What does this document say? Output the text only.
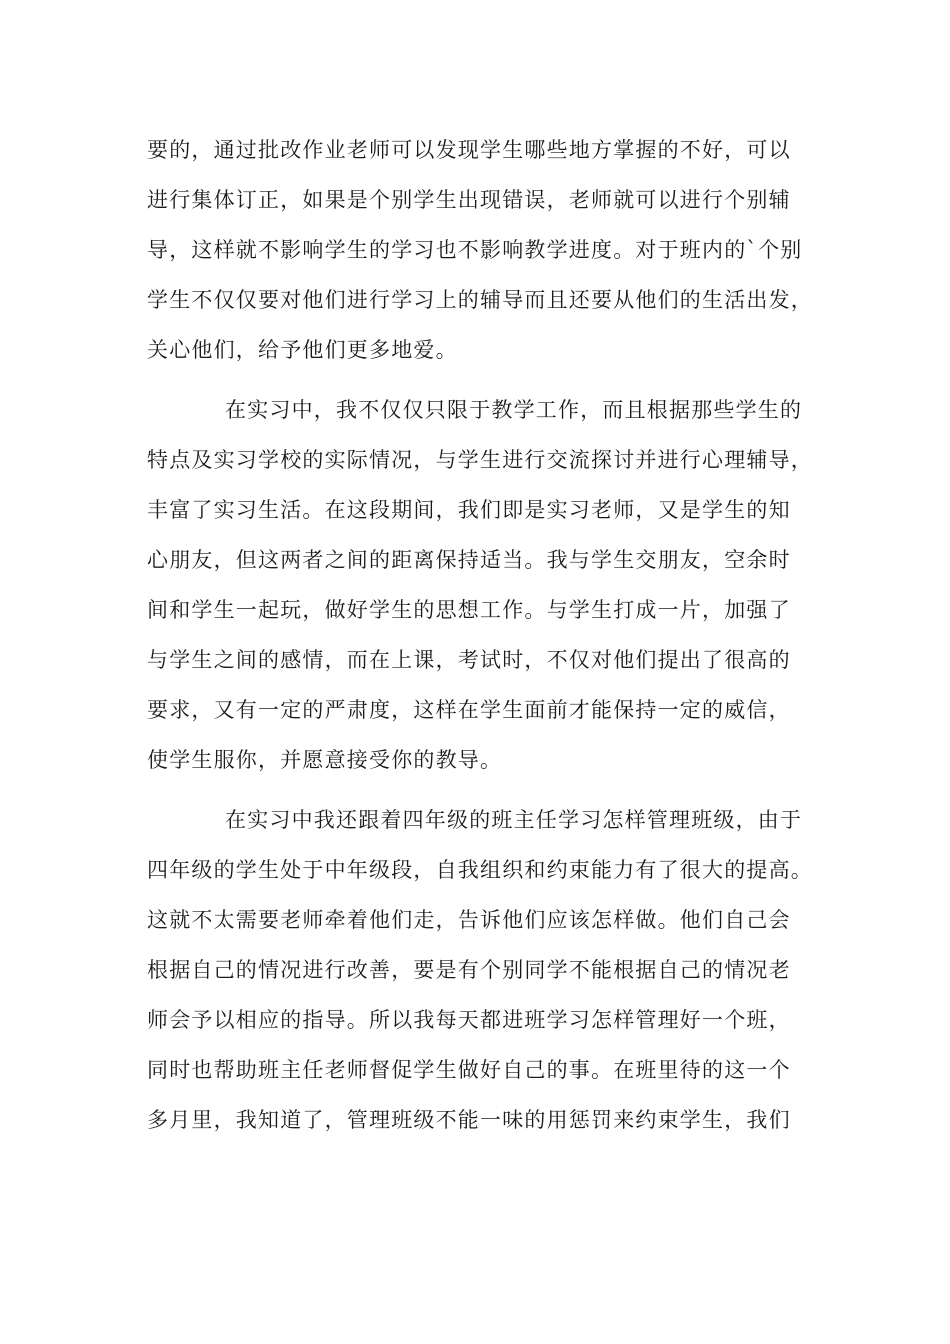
要的，通过批改作业老师可以发现学生哪些地方掌握的不好，可以
进行集体订正，如果是个别学生出现错误，老师就可以进行个别辅
导，这样就不影响学生的学习也不影响教学进度。对于班内的`个别
学生不仅仅要对他们进行学习上的辅导而且还要从他们的生活出发，
关心他们，给予他们更多地爱。
在实习中，我不仅仅只限于教学工作，而且根据那些学生的
特点及实习学校的实际情况，与学生进行交流探讨并进行心理辅导，
丰富了实习生活。在这段期间，我们即是实习老师，又是学生的知
心朋友，但这两者之间的距离保持适当。我与学生交朋友，空余时
间和学生一起玩，做好学生的思想工作。与学生打成一片，加强了
与学生之间的感情，而在上课，考试时，不仅对他们提出了很高的
要求，又有一定的严肃度，这样在学生面前才能保持一定的威信，
使学生服你，并愿意接受你的教导。
在实习中我还跟着四年级的班主任学习怎样管理班级，由于
四年级的学生处于中年级段，自我组织和约束能力有了很大的提高。
这就不太需要老师牵着他们走，告诉他们应该怎样做。他们自己会
根据自己的情况进行改善，要是有个别同学不能根据自己的情况老
师会予以相应的指导。所以我每天都进班学习怎样管理好一个班，
同时也帮助班主任老师督促学生做好自己的事。在班里待的这一个
多月里，我知道了，管理班级不能一味的用惩罚来约束学生，我们
